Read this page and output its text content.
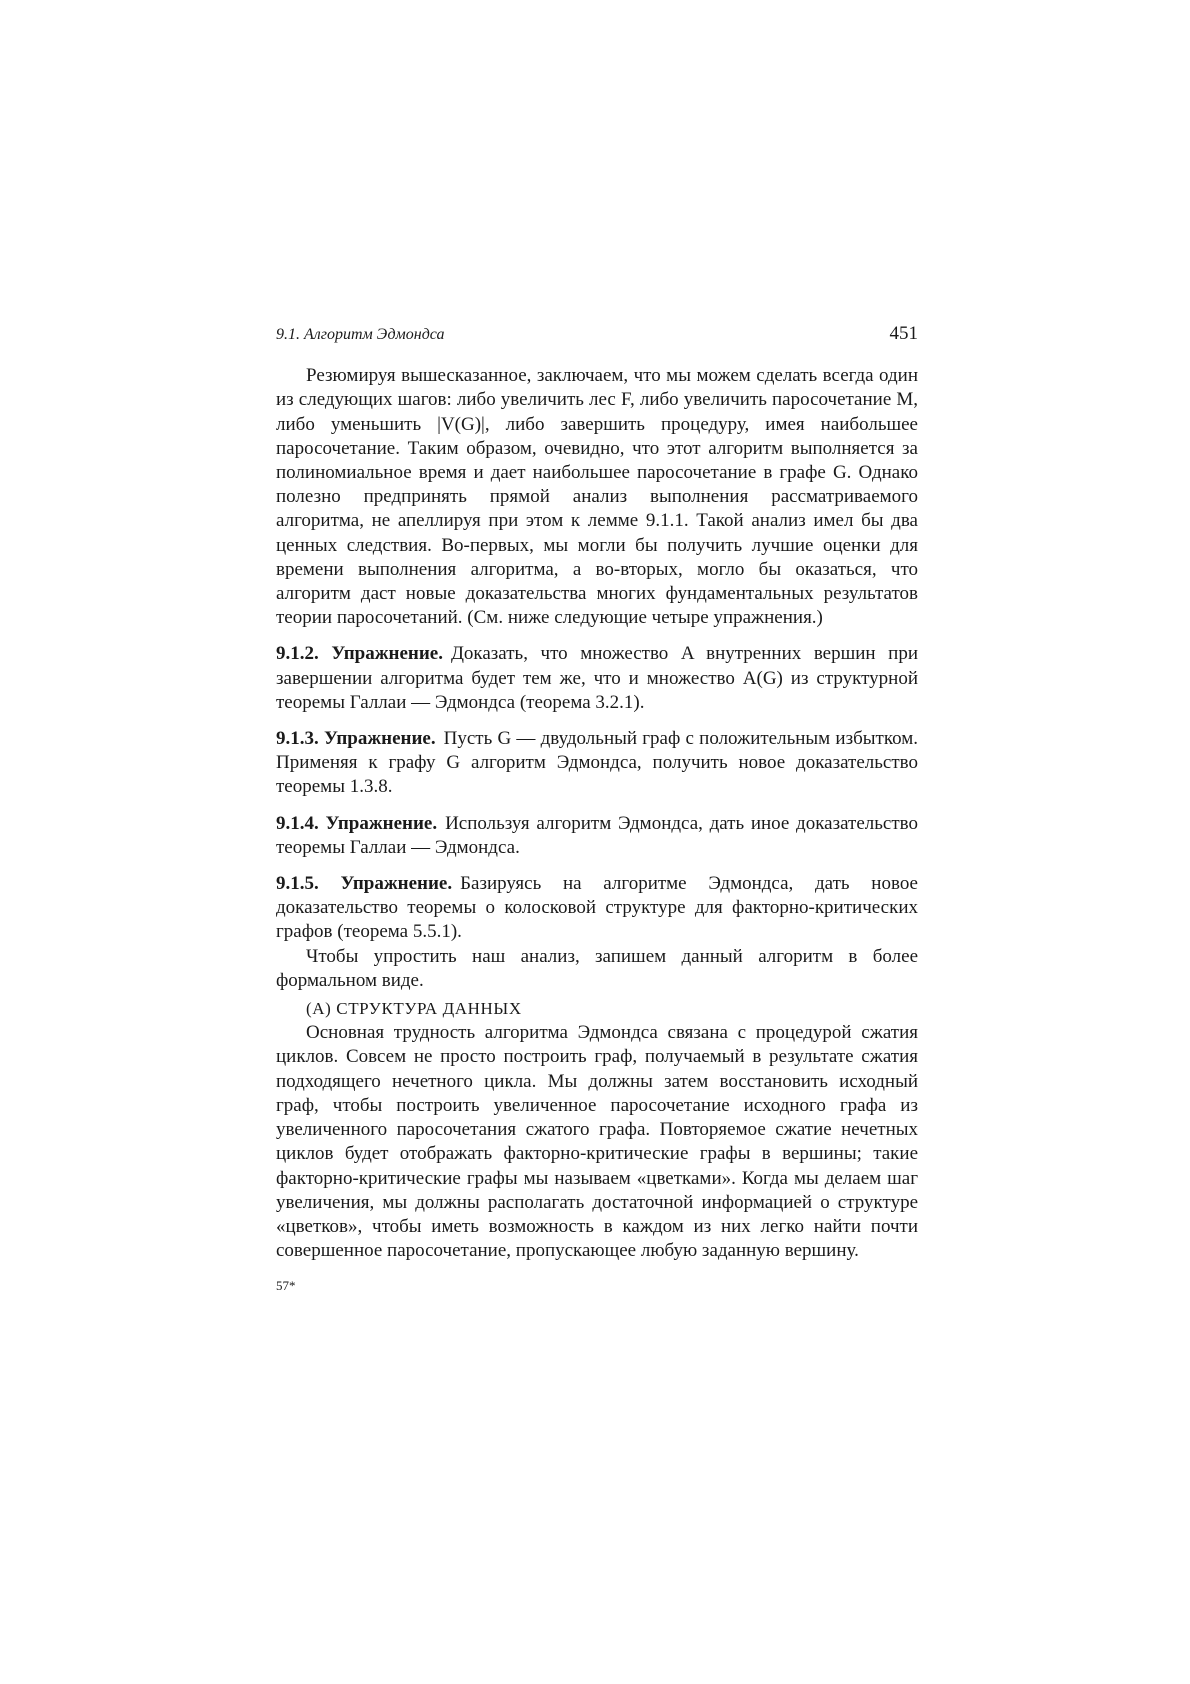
9.1. Алгоритм Эдмондса	451

Резюмируя вышесказанное, заключаем, что мы можем сделать всегда один из следующих шагов: либо увеличить лес F, либо увеличить паросочетание M, либо уменьшить |V(G)|, либо завершить процедуру, имея наибольшее паросочетание. Таким образом, очевидно, что этот алгоритм выполняется за полиномиальное время и дает наибольшее паросочетание в графе G. Однако полезно предпринять прямой анализ выполнения рассматриваемого алгоритма, не апеллируя при этом к лемме 9.1.1. Такой анализ имел бы два ценных следствия. Во-первых, мы могли бы получить лучшие оценки для времени выполнения алгоритма, а во-вторых, могло бы оказаться, что алгоритм даст новые доказательства многих фундаментальных результатов теории паросочетаний. (См. ниже следующие четыре упражнения.)

9.1.2. Упражнение. Доказать, что множество A внутренних вершин при завершении алгоритма будет тем же, что и множество A(G) из структурной теоремы Галлаи — Эдмондса (теорема 3.2.1).

9.1.3. Упражнение. Пусть G — двудольный граф с положительным избытком. Применяя к графу G алгоритм Эдмондса, получить новое доказательство теоремы 1.3.8.

9.1.4. Упражнение. Используя алгоритм Эдмондса, дать иное доказательство теоремы Галлаи — Эдмондса.

9.1.5. Упражнение. Базируясь на алгоритме Эдмондса, дать новое доказательство теоремы о колосковой структуре для факторно-критических графов (теорема 5.5.1).

Чтобы упростить наш анализ, запишем данный алгоритм в более формальном виде.

(А) СТРУКТУРА ДАННЫХ

Основная трудность алгоритма Эдмондса связана с процедурой сжатия циклов. Совсем не просто построить граф, получаемый в результате сжатия подходящего нечетного цикла. Мы должны затем восстановить исходный граф, чтобы построить увеличенное паросочетание исходного графа из увеличенного паросочетания сжатого графа. Повторяемое сжатие нечетных циклов будет отображать факторно-критические графы в вершины; такие факторно-критические графы мы называем «цветками». Когда мы делаем шаг увеличения, мы должны располагать достаточной информацией о структуре «цветков», чтобы иметь возможность в каждом из них легко найти почти совершенное паросочетание, пропускающее любую заданную вершину.

57*
